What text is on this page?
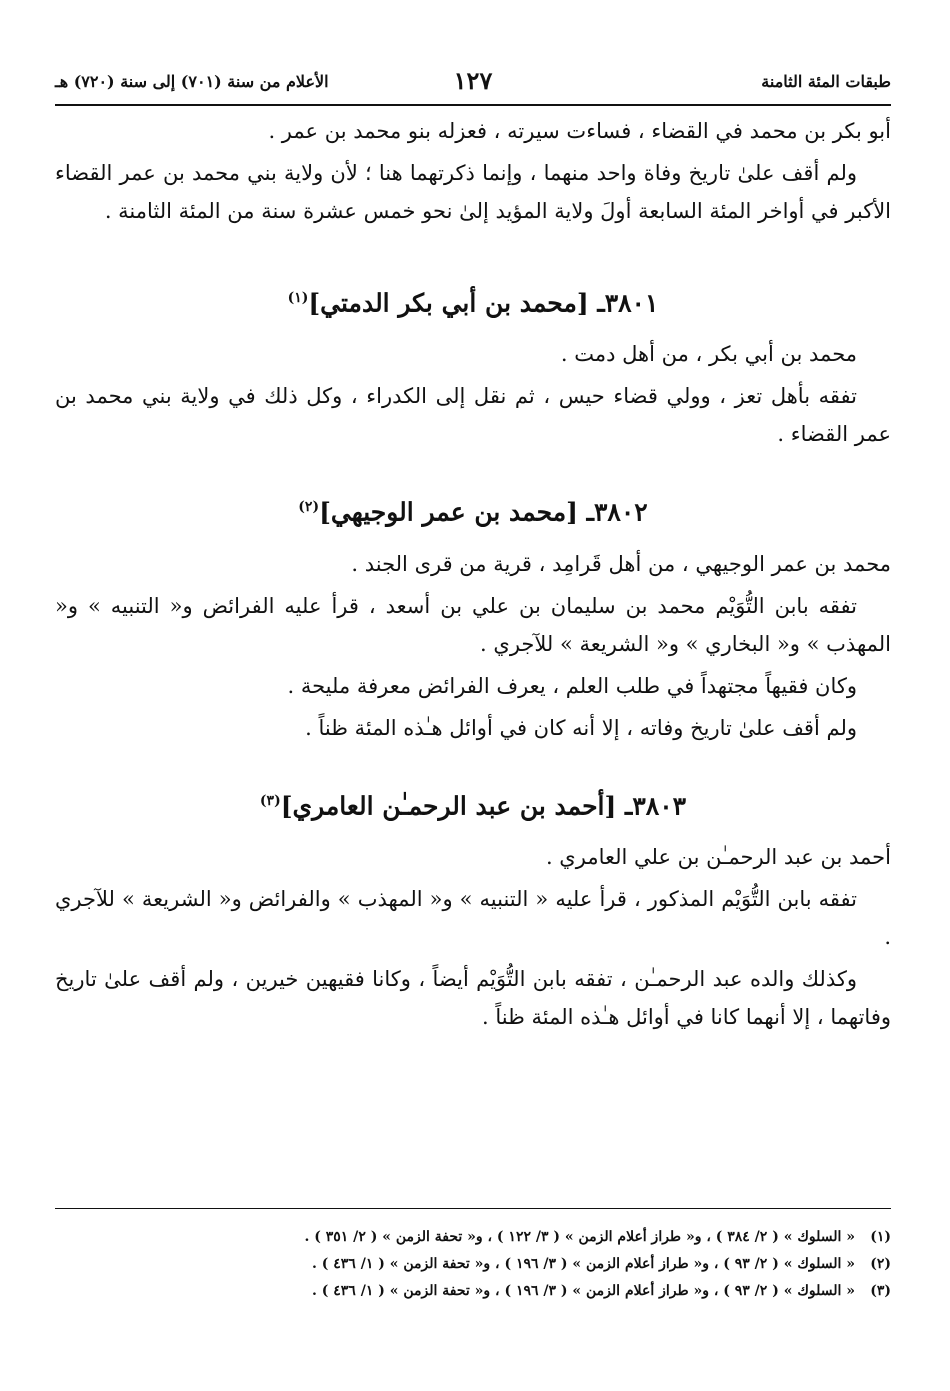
طبقات المئة الثامنة
١٢٧
الأعلام من سنة (٧٠١) إلى سنة (٧٢٠) هـ

أبو بكر بن محمد في القضاء ، فساءت سيرته ، فعزله بنو محمد بن عمر .

ولم أقف علىٰ تاريخ وفاة واحد منهما ، وإنما ذكرتهما هنا ؛ لأن ولاية بني محمد بن عمر القضاء الأكبر في أواخر المئة السابعة أولَ ولاية المؤيد إلىٰ نحو خمس عشرة سنة من المئة الثامنة .

٣٨٠١ـ [محمد بن أبي بكر الدمتي]$^{(١)}$

محمد بن أبي بكر ، من أهل دمت .

تفقه بأهل تعز ، وولي قضاء حيس ، ثم نقل إلى الكدراء ، وكل ذلك في ولاية بني محمد بن عمر القضاء .

٣٨٠٢ـ [محمد بن عمر الوجيهي]$^{(٢)}$

محمد بن عمر الوجيهي ، من أهل قَرامِد ، قرية من قرى الجند .

تفقه بابن التُّوَيْم محمد بن سليمان بن علي بن أسعد ، قرأ عليه الفرائض و« التنبيه » و« المهذب » و« البخاري » و« الشريعة » للآجري .

وكان فقيهاً مجتهداً في طلب العلم ، يعرف الفرائض معرفة مليحة .

ولم أقف علىٰ تاريخ وفاته ، إلا أنه كان في أوائل هـٰذه المئة ظناً .

٣٨٠٣ـ [أحمد بن عبد الرحمـٰن العامري]$^{(٣)}$

أحمد بن عبد الرحمـٰن بن علي العامري .

تفقه بابن التُّوَيْم المذكور ، قرأ عليه « التنبيه » و« المهذب » والفرائض و« الشريعة » للآجري .

وكذلك والده عبد الرحمـٰن ، تفقه بابن التُّوَيْم أيضاً ، وكانا فقيهين خيرين ، ولم أقف علىٰ تاريخ وفاتهما ، إلا أنهما كانا في أوائل هـٰذه المئة ظناً .

(١)« السلوك » ( ٢/ ٣٨٤ ) ، و« طراز أعلام الزمن » ( ٣/ ١٢٢ ) ، و« تحفة الزمن » ( ٢/ ٣٥١ ) .
(٢)« السلوك » ( ٢/ ٩٣ ) ، و« طراز أعلام الزمن » ( ٣/ ١٩٦ ) ، و« تحفة الزمن » ( ١/ ٤٣٦ ) .
(٣)« السلوك » ( ٢/ ٩٣ ) ، و« طراز أعلام الزمن » ( ٣/ ١٩٦ ) ، و« تحفة الزمن » ( ١/ ٤٣٦ ) .
